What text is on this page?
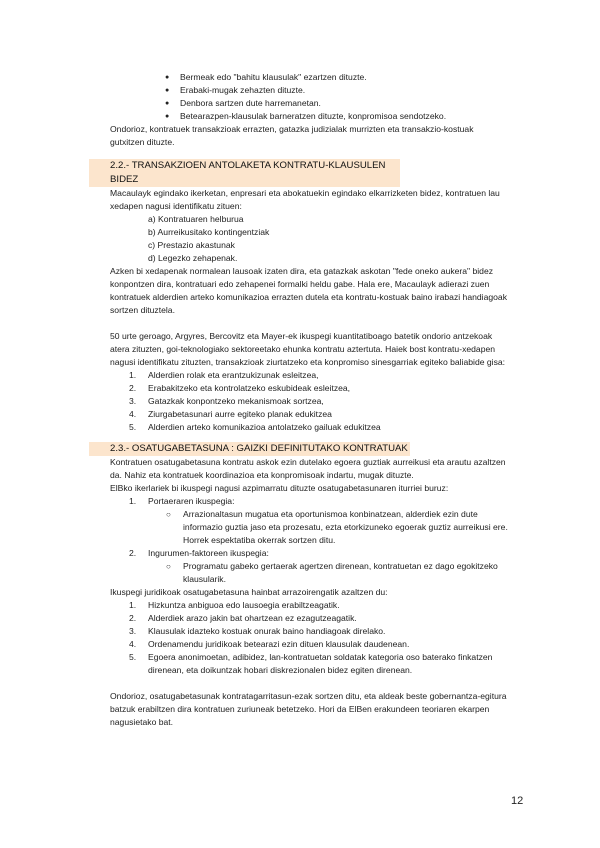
● Bermeak edo "bahitu klausulak" ezartzen dituzte.
● Erabaki-mugak zehazten dituzte.
● Denbora sartzen dute harremanetan.
● Betearazpen-klausulak barneratzen dituzte, konpromisoa sendotzeko.

Ondorioz, kontratuek transakzioak errazten, gatazka judizialak murrizten eta transakzio-kostuak gutxitzen dituzte.

2.2.- TRANSAKZIOEN ANTOLAKETA KONTRATU-KLAUSULEN BIDEZ

Macaulayk egindako ikerketan, enpresari eta abokatuekin egindako elkarrizketen bidez, kontratuen lau xedapen nagusi identifikatu zituen:

a) Kontratuaren helburua
b) Aurreikusitako kontingentziak
c) Prestazio akastunak
d) Legezko zehapenak.

Azken bi xedapenak normalean lausoak izaten dira, eta gatazkak askotan "fede oneko aukera" bidez konpontzen dira, kontratuari edo zehapenei formalki heldu gabe. Hala ere, Macaulayk adierazi zuen kontratuek alderdien arteko komunikazioa errazten dutela eta kontratu-kostuak baino irabazi handiagoak sortzen dituztela.

50 urte geroago, Argyres, Bercovitz eta Mayer-ek ikuspegi kuantitatiboago batetik ondorio antzekoak atera zituzten, goi-teknologiako sektoreetako ehunka kontratu aztertuta. Haiek bost kontratu-xedapen nagusi identifikatu zituzten, transakzioak ziurtatzeko eta konpromiso sinesgarriak egiteko baliabide gisa:

1. Alderdien rolak eta erantzukizunak esleitzea,
2. Erabakitzeko eta kontrolatzeko eskubideak esleitzea,
3. Gatazkak konpontzeko mekanismoak sortzea,
4. Ziurgabetasunari aurre egiteko planak edukitzea
5. Alderdien arteko komunikazioa antolatzeko gailuak edukitzea
2.3.- OSATUGABETASUNA : GAIZKI DEFINITUTAKO KONTRATUAK

Kontratuen osatugabetasuna kontratu askok ezin dutelako egoera guztiak aurreikusi eta arautu azaltzen da. Nahiz eta kontratuek koordinazioa eta konpromisoak indartu, mugak dituzte.

ElBko ikerlariek bi ikuspegi nagusi azpimarratu dituzte osatugabetasunaren iturriei buruz:

1. Portaeraren ikuspegia:
○ Arrazionaltasun mugatua eta oportunismoa konbinatzean, alderdiek ezin dute informazio guztia jaso eta prozesatu, ezta etorkizuneko egoerak guztiz aurreikusi ere. Horrek espektatiba okerrak sortzen ditu.
2. Ingurumen-faktoreen ikuspegia:
○ Programatu gabeko gertaerak agertzen direnean, kontratuetan ez dago egokitzeko klausularik.

Ikuspegi juridikoak osatugabetasuna hainbat arrazoirengatik azaltzen du:

1. Hizkuntza anbiguoa edo lausoegia erabiltzeagatik.
2. Alderdiek arazo jakin bat ohartzean ez ezagutzeagatik.
3. Klausulak idazteko kostuak onurak baino handiagoak direlako.
4. Ordenamendu juridikoak betearazi ezin dituen klausulak daudenean.
5. Egoera anonimoetan, adibidez, lan-kontratuetan soldatak kategoria oso baterako finkatzen direnean, eta doikuntzak hobari diskrezionalen bidez egiten direnean.

Ondorioz, osatugabetasunak kontratagarritasun-ezak sortzen ditu, eta aldeak beste gobernantza-egitura batzuk erabiltzen dira kontratuen zuriuneak betetzeko. Hori da ElBen erakundeen teoriaren ekarpen nagusietako bat.

12
